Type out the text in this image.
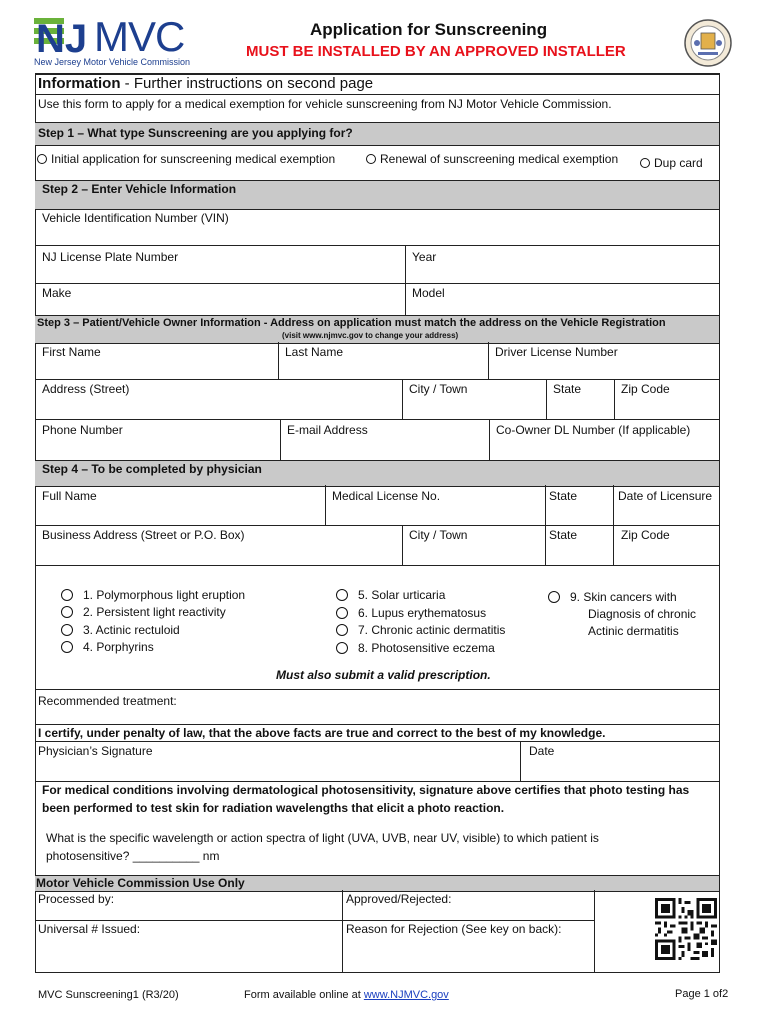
NJ MVC
New Jersey Motor Vehicle Commission
Application for Sunscreening
MUST BE INSTALLED BY AN APPROVED INSTALLER
Information - Further instructions on second page
Use this form to apply for a medical exemption for vehicle sunscreening from NJ Motor Vehicle Commission.
Step 1 – What type Sunscreening are you applying for?
Initial application for sunscreening medical exemption	Renewal of sunscreening medical exemption	Dup card
Step 2 – Enter Vehicle Information
Vehicle Identification Number (VIN)
NJ License Plate Number	Year
Make	Model
Step 3 – Patient/Vehicle Owner Information - Address on application must match the address on the Vehicle Registration
(visit www.njmvc.gov to change your address)
First Name	Last Name	Driver License Number
Address (Street)	City / Town	State	Zip Code
Phone Number	E-mail Address	Co-Owner DL Number (If applicable)
Step 4 – To be completed by physician
Full Name	Medical License No.	State	Date of Licensure
Business Address (Street or P.O. Box)	City / Town	State	Zip Code
1. Polymorphous light eruption
2. Persistent light reactivity
3. Actinic rectuloid
4. Porphyrins
5. Solar urticaria
6. Lupus erythematosus
7. Chronic actinic dermatitis
8. Photosensitive eczema
9. Skin cancers with
Diagnosis of chronic
Actinic dermatitis
Must also submit a valid prescription.
Recommended treatment:
I certify, under penalty of law, that the above facts are true and correct to the best of my knowledge.
Physician’s Signature	Date
For medical conditions involving dermatological photosensitivity, signature above certifies that photo testing has
been performed to test skin for radiation wavelengths that elicit a photo reaction.
What is the specific wavelength or action spectra of light (UVA, UVB, near UV, visible) to which patient is
photosensitive? __________ nm
Motor Vehicle Commission Use Only
Processed by:	Approved/Rejected:
Universal # Issued:	Reason for Rejection (See key on back):
MVC Sunscreening1 (R3/20)	Form available online at www.NJMVC.gov	Page 1 of2
